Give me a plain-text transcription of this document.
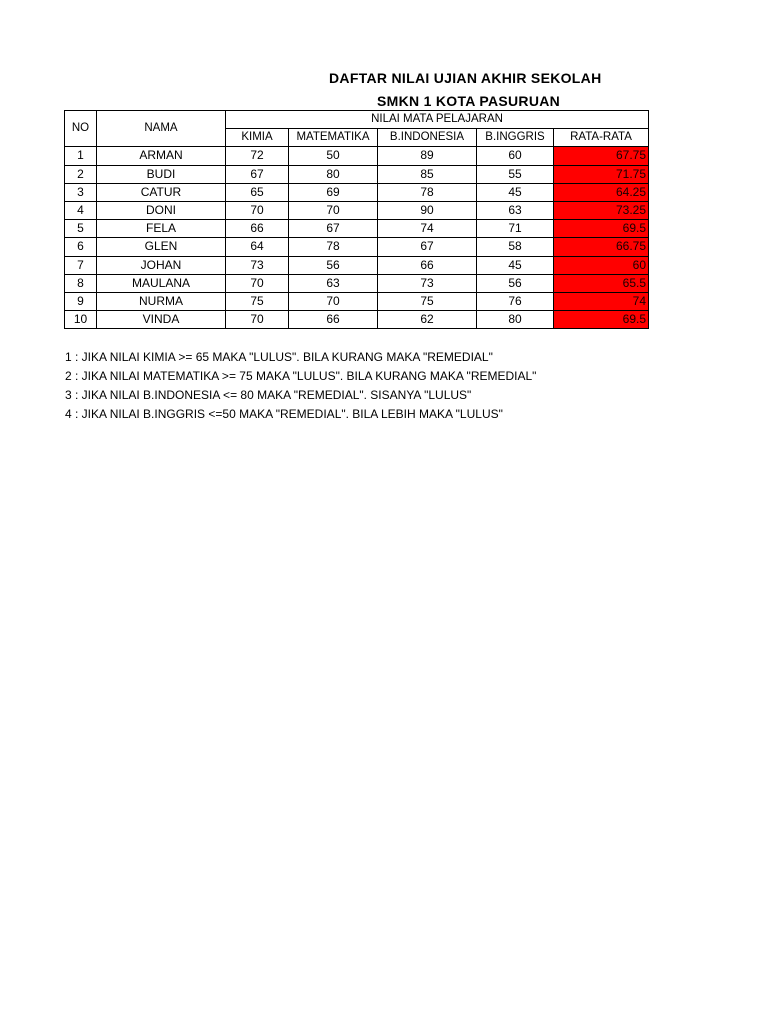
DAFTAR NILAI UJIAN AKHIR SEKOLAH
SMKN 1 KOTA PASURUAN
NO	NAMA	NILAI MATA PELAJARAN				
		KIMIA	MATEMATIKA	B.INDONESIA	B.INGGRIS	RATA-RATA
1	ARMAN	72	50	89	60	67.75
2	BUDI	67	80	85	55	71.75
3	CATUR	65	69	78	45	64.25
4	DONI	70	70	90	63	73.25
5	FELA	66	67	74	71	69.5
6	GLEN	64	78	67	58	66.75
7	JOHAN	73	56	66	45	60
8	MAULANA	70	63	73	56	65.5
9	NURMA	75	70	75	76	74
10	VINDA	70	66	62	80	69.5
1 : JIKA NILAI KIMIA >= 65 MAKA "LULUS". BILA KURANG MAKA "REMEDIAL"
2 : JIKA NILAI MATEMATIKA >= 75 MAKA "LULUS". BILA KURANG MAKA "REMEDIAL"
3 : JIKA NILAI B.INDONESIA <= 80 MAKA "REMEDIAL". SISANYA "LULUS"
4 : JIKA NILAI B.INGGRIS <=50 MAKA "REMEDIAL". BILA LEBIH MAKA "LULUS"
